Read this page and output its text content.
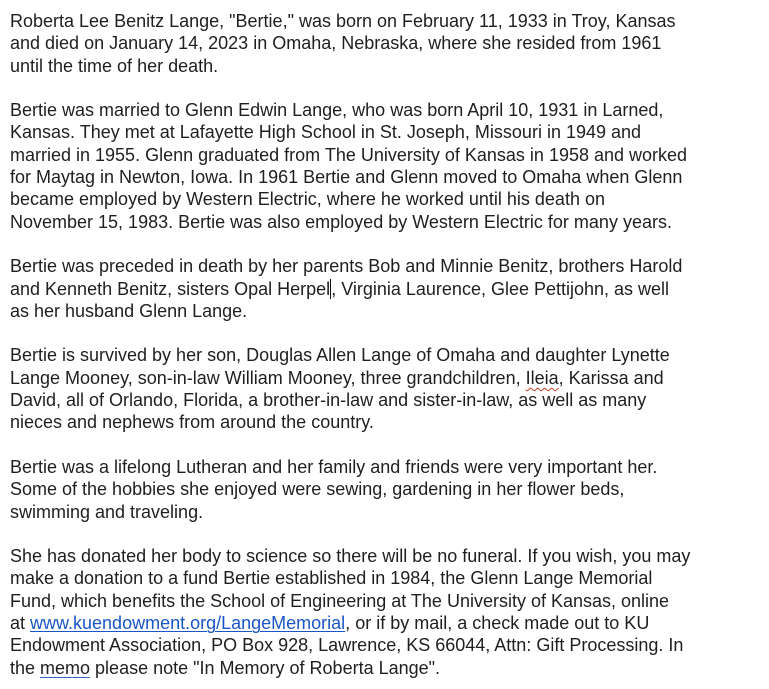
Roberta Lee Benitz Lange, "Bertie," was born on February 11, 1933 in Troy, Kansas
and died on January 14, 2023 in Omaha, Nebraska, where she resided from 1961
until the time of her death.

Bertie was married to Glenn Edwin Lange, who was born April 10, 1931 in Larned,
Kansas. They met at Lafayette High School in St. Joseph, Missouri in 1949 and
married in 1955. Glenn graduated from The University of Kansas in 1958 and worked
for Maytag in Newton, Iowa. In 1961 Bertie and Glenn moved to Omaha when Glenn
became employed by Western Electric, where he worked until his death on
November 15, 1983. Bertie was also employed by Western Electric for many years.

Bertie was preceded in death by her parents Bob and Minnie Benitz, brothers Harold
and Kenneth Benitz, sisters Opal Herpel, Virginia Laurence, Glee Pettijohn, as well
as her husband Glenn Lange.

Bertie is survived by her son, Douglas Allen Lange of Omaha and daughter Lynette
Lange Mooney, son-in-law William Mooney, three grandchildren, Ileia, Karissa and
David, all of Orlando, Florida, a brother-in-law and sister-in-law, as well as many
nieces and nephews from around the country.

Bertie was a lifelong Lutheran and her family and friends were very important her.
Some of the hobbies she enjoyed were sewing, gardening in her flower beds,
swimming and traveling.

She has donated her body to science so there will be no funeral. If you wish, you may
make a donation to a fund Bertie established in 1984, the Glenn Lange Memorial
Fund, which benefits the School of Engineering at The University of Kansas, online
at www.kuendowment.org/LangeMemorial, or if by mail, a check made out to KU
Endowment Association, PO Box 928, Lawrence, KS 66044, Attn: Gift Processing. In
the memo please note "In Memory of Roberta Lange".
